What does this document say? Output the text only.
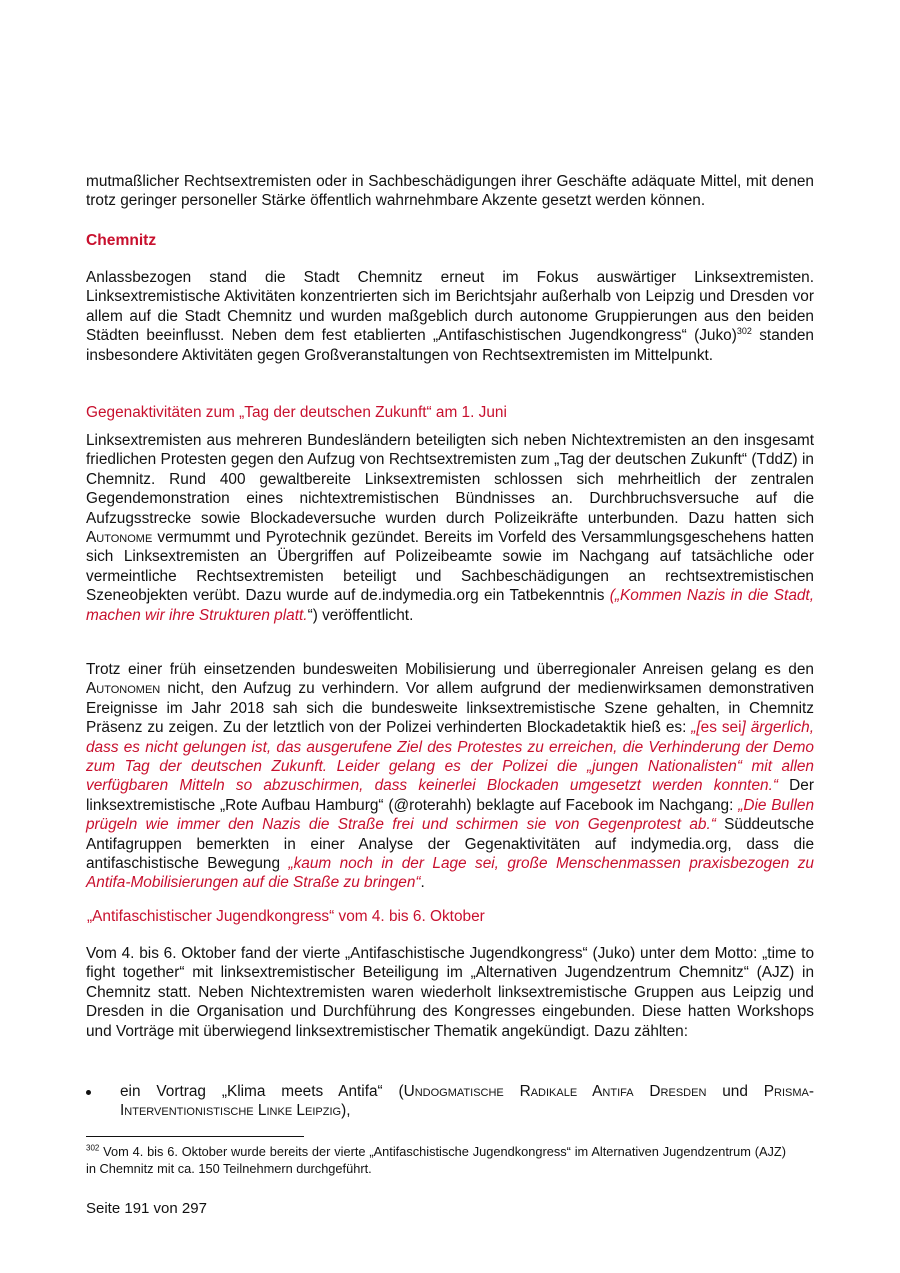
mutmaßlicher Rechtsextremisten oder in Sachbeschädigungen ihrer Geschäfte adäquate Mittel, mit denen trotz geringer personeller Stärke öffentlich wahrnehmbare Akzente gesetzt werden können.

Chemnitz

Anlassbezogen stand die Stadt Chemnitz erneut im Fokus auswärtiger Linksextremisten. Linksextremistische Aktivitäten konzentrierten sich im Berichtsjahr außerhalb von Leipzig und Dresden vor allem auf die Stadt Chemnitz und wurden maßgeblich durch autonome Gruppierungen aus den beiden Städten beeinflusst. Neben dem fest etablierten „Antifaschistischen Jugendkongress“ (Juko)$^{302}$ standen insbesondere Aktivitäten gegen Großveranstaltungen von Rechtsextremisten im Mittelpunkt.

Gegenaktivitäten zum „Tag der deutschen Zukunft“ am 1. Juni

Linksextremisten aus mehreren Bundesländern beteiligten sich neben Nichtextremisten an den insgesamt friedlichen Protesten gegen den Aufzug von Rechtsextremisten zum „Tag der deutschen Zukunft“ (TddZ) in Chemnitz. Rund 400 gewaltbereite Linksextremisten schlossen sich mehrheitlich der zentralen Gegendemonstration eines nichtextremistischen Bündnisses an. Durchbruchsversuche auf die Aufzugsstrecke sowie Blockadeversuche wurden durch Polizeikräfte unterbunden. Dazu hatten sich Autonome vermummt und Pyrotechnik gezündet. Bereits im Vorfeld des Versammlungsgeschehens hatten sich Linksextremisten an Übergriffen auf Polizeibeamte sowie im Nachgang auf tatsächliche oder vermeintliche Rechtsextremisten beteiligt und Sachbeschädigungen an rechtsextremistischen Szeneobjekten verübt. Dazu wurde auf de.indymedia.org ein Tatbekenntnis („Kommen Nazis in die Stadt, machen wir ihre Strukturen platt.“) veröffentlicht.

Trotz einer früh einsetzenden bundesweiten Mobilisierung und überregionaler Anreisen gelang es den Autonomen nicht, den Aufzug zu verhindern. Vor allem aufgrund der medienwirksamen demonstrativen Ereignisse im Jahr 2018 sah sich die bundesweite linksextremistische Szene gehalten, in Chemnitz Präsenz zu zeigen. Zu der letztlich von der Polizei verhinderten Blockadetaktik hieß es: „[es sei] ärgerlich, dass es nicht gelungen ist, das ausgerufene Ziel des Protestes zu erreichen, die Verhinderung der Demo zum Tag der deutschen Zukunft. Leider gelang es der Polizei die „jungen Nationalisten“ mit allen verfügbaren Mitteln so abzuschirmen, dass keinerlei Blockaden umgesetzt werden konnten.“ Der linksextremistische „Rote Aufbau Hamburg“ (@roterahh) beklagte auf Facebook im Nachgang: „Die Bullen prügeln wie immer den Nazis die Straße frei und schirmen sie von Gegenprotest ab.“ Süddeutsche Antifagruppen bemerkten in einer Analyse der Gegenaktivitäten auf indymedia.org, dass die antifaschistische Bewegung „kaum noch in der Lage sei, große Menschenmassen praxisbezogen zu Antifa-Mobilisierungen auf die Straße zu bringen“.

„Antifaschistischer Jugendkongress“ vom 4. bis 6. Oktober

Vom 4. bis 6. Oktober fand der vierte „Antifaschistische Jugendkongress“ (Juko) unter dem Motto: „time to fight together“ mit linksextremistischer Beteiligung im „Alternativen Jugendzentrum Chemnitz“ (AJZ) in Chemnitz statt. Neben Nichtextremisten waren wiederholt linksextremistische Gruppen aus Leipzig und Dresden in die Organisation und Durchführung des Kongresses eingebunden. Diese hatten Workshops und Vorträge mit überwiegend linksextremistischer Thematik angekündigt. Dazu zählten:

ein Vortrag „Klima meets Antifa“ (Undogmatische Radikale Antifa Dresden und Prisma-Interventionistische Linke Leipzig),

$^{302}$ Vom 4. bis 6. Oktober wurde bereits der vierte „Antifaschistische Jugendkongress“ im Alternativen Jugendzentrum (AJZ) in Chemnitz mit ca. 150 Teilnehmern durchgeführt.

Seite 191 von 297
